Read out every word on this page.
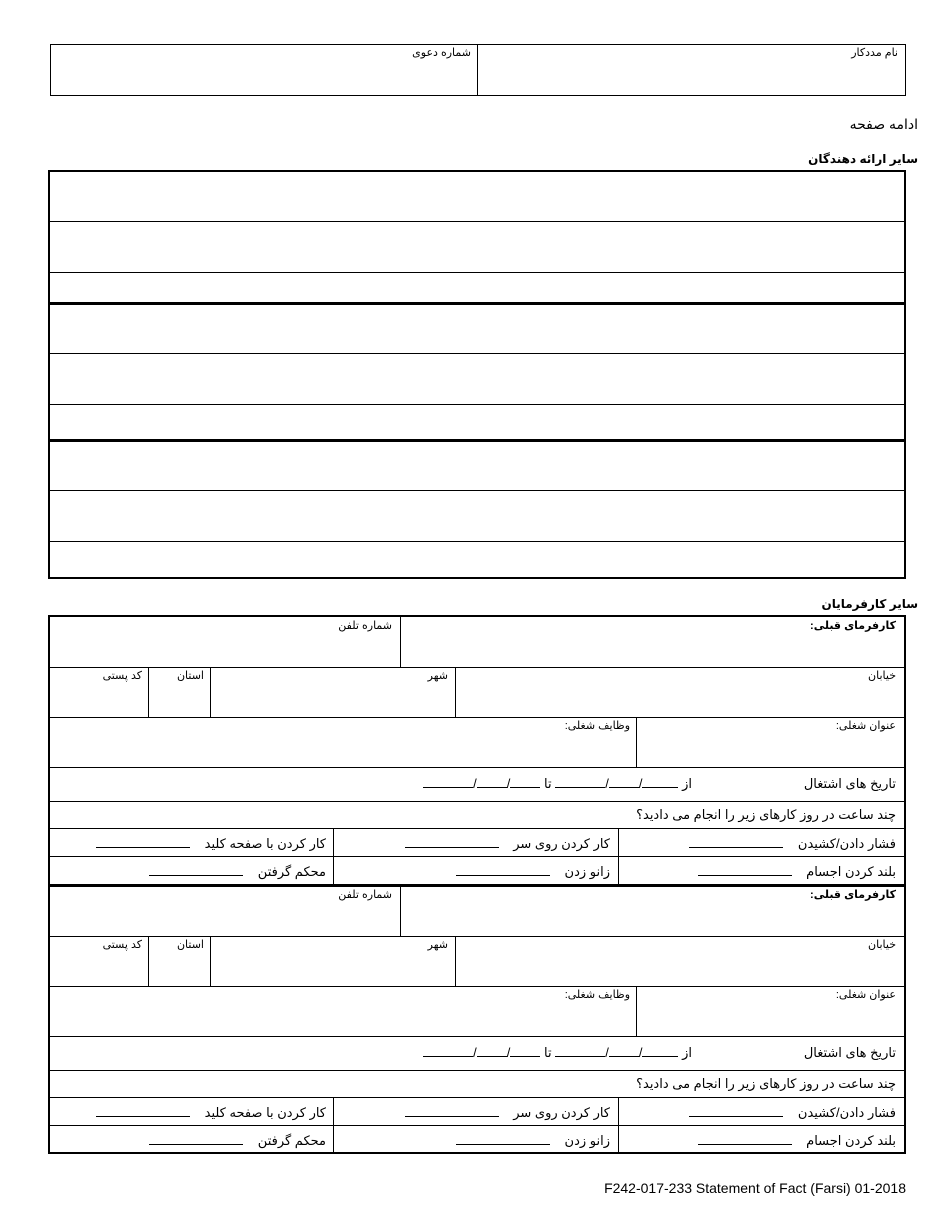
نام مددکار
شماره دعوی
ادامه صفحه
سایر ارائه دهندگان
سایر کارفرمایان
کارفرمای قبلی:
شماره تلفن
خیابان
شهر
استان
کد پستی
عنوان شغلی:
وظایف شغلی:
تاریخ های اشتغال
از // تا //
چند ساعت در روز کارهای زیر را انجام می دادید؟
فشار دادن/کشیدن
کار کردن روی سر
کار کردن با صفحه کلید
بلند کردن اجسام
زانو زدن
محکم گرفتن
کارفرمای قبلی:
شماره تلفن
خیابان
شهر
استان
کد پستی
عنوان شغلی:
وظایف شغلی:
تاریخ های اشتغال
از // تا //
چند ساعت در روز کارهای زیر را انجام می دادید؟
فشار دادن/کشیدن
کار کردن روی سر
کار کردن با صفحه کلید
بلند کردن اجسام
زانو زدن
محکم گرفتن
F242-017-233 Statement of Fact (Farsi) 01-2018
